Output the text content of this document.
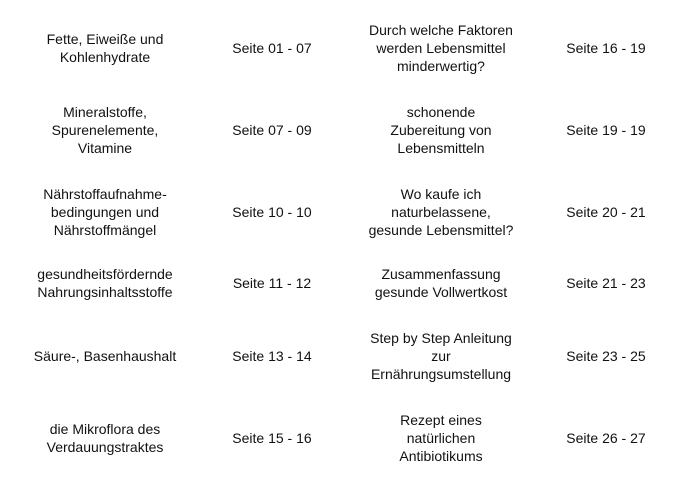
Fette, Eiweiße und
Kohlenhydrate
Seite 01 - 07
Durch welche Faktoren
werden Lebensmittel
minderwertig?
Seite 16 - 19
Mineralstoffe,
Spurenelemente,
Vitamine
Seite 07 - 09
schonende
Zubereitung von
Lebensmitteln
Seite 19 - 19
Nährstoffaufnahme-
bedingungen und
Nährstoffmängel
Seite 10 - 10
Wo kaufe ich
naturbelassene,
gesunde Lebensmittel?
Seite 20 - 21
gesundheitsfördernde
Nahrungsinhaltsstoffe
Seite 11 - 12
Zusammenfassung
gesunde Vollwertkost
Seite 21 - 23
Säure-, Basenhaushalt	Seite 13 - 14
Step by Step Anleitung
zur
Ernährungsumstellung
Seite 23 - 25
die Mikroflora des
Verdauungstraktes
Seite 15 - 16
Rezept eines
natürlichen
Antibiotikums
Seite 26 - 27
